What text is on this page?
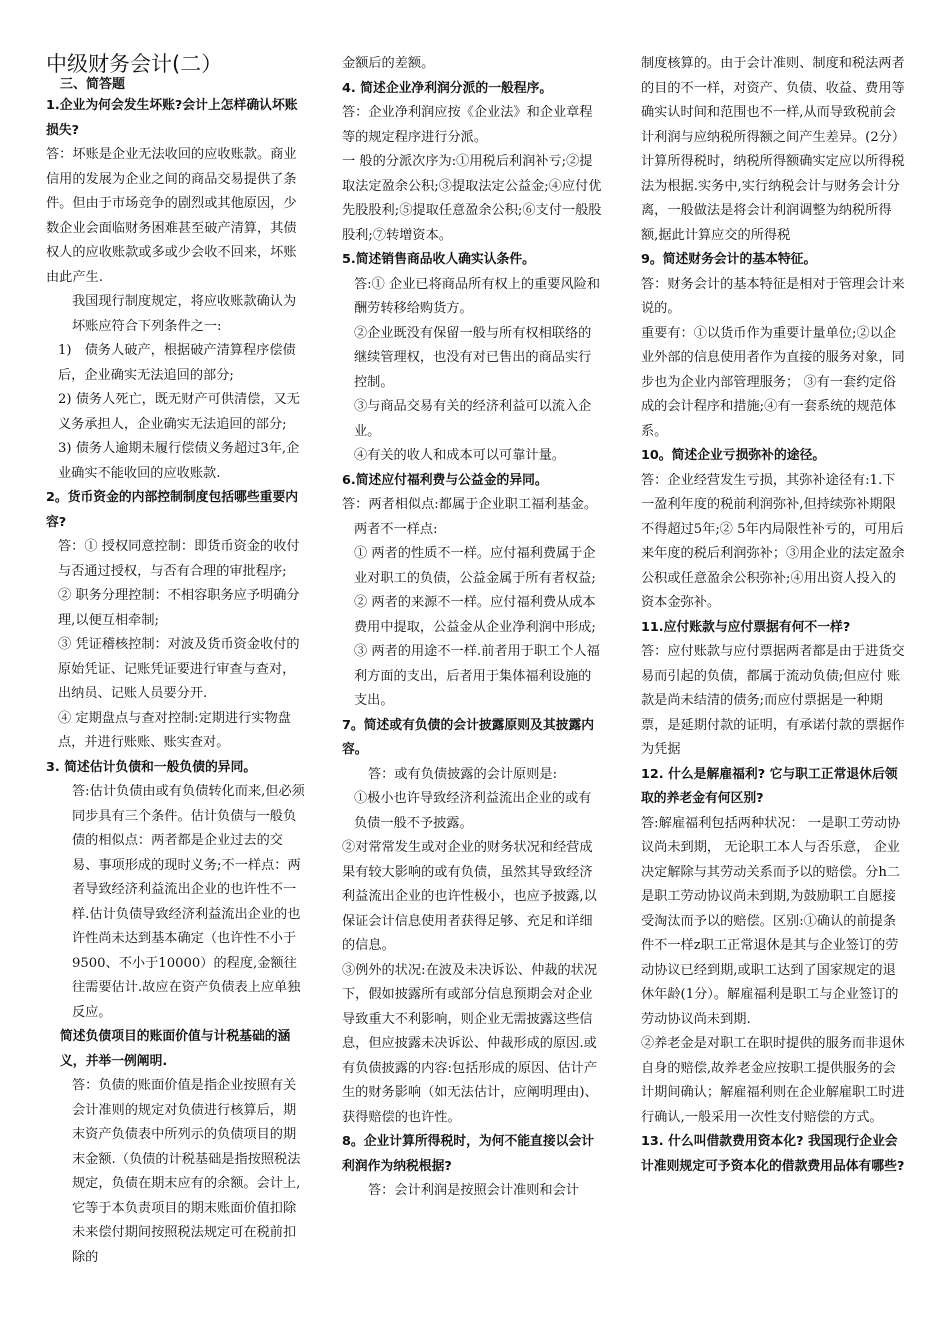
中级财务会计(二）
三、简答题
1.企业为何会发生坏账?会计上怎样确认坏账损失?

答：坏账是企业无法收回的应收账款。商业信用的发展为企业之间的商品交易提供了条件。但由于市场竞争的剧烈或其他原因，少数企业会面临财务困难甚至破产清算，其债权人的应收账款或多或少会收不回来，坏账由此产生.

我国现行制度规定，将应收账款确认为坏账应符合下列条件之一:

1)　债务人破产，根据破产清算程序偿债后，企业确实无法追回的部分;

2) 债务人死亡，既无财产可供清偿，又无义务承担人，企业确实无法追回的部分;

3) 债务人逾期未履行偿债义务超过3年,企业确实不能收回的应收账款.

2。货币资金的内部控制制度包括哪些重要内容?

答：① 授权同意控制：即货币资金的收付与否通过授权，与否有合理的审批程序;

② 职务分理控制：不相容职务应予明确分理,以便互相牵制;

③ 凭证稽核控制：对波及货币资金收付的原始凭证、记账凭证要进行审查与查对，出纳员、记账人员要分开.

④ 定期盘点与查对控制:定期进行实物盘点，并进行账账、账实查对。

3. 简述估计负债和一般负债的异同。

答:估计负债由或有负债转化而来,但必须同步具有三个条件。估计负债与一般负债的相似点：两者都是企业过去的交易、事项形成的现时义务;不一样点：两者导致经济利益流出企业的也许性不一样.估计负债导致经济利益流出企业的也许性尚未达到基本确定（也许性不小于9500、不小于10000）的程度,金额往往需要估计.故应在资产负债表上应单独反应。

简述负债项目的账面价值与计税基础的涵义，并举一例阐明.

答：负债的账面价值是指企业按照有关会计准则的规定对负债进行核算后，期末资产负债表中所列示的负债项目的期末金额.（负债的计税基础是指按照税法规定，负债在期末应有的余额。会计上,它等于本负责项目的期末账面价值扣除未来偿付期间按照税法规定可在税前扣除的

金额后的差额。

4. 简述企业净利润分派的一般程序。

答：企业净利润应按《企业法》和企业章程等的规定程序进行分派。

一 般的分派次序为:①用税后利润补亏;②提取法定盈余公积;③提取法定公益金;④应付优先股股利;⑤提取任意盈余公积;⑥支付一般股股利;⑦转增资本。

5.简述销售商品收人确实认条件。

答:① 企业已将商品所有权上的重要风险和酬劳转移给购货方。

②企业既没有保留一般与所有权相联络的继续管理权，也没有对已售出的商品实行控制。

③与商品交易有关的经济利益可以流入企业。

④有关的收人和成本可以可靠计量。

6.简述应付福利费与公益金的异同。

答：两者相似点:都属于企业职工福利基金。

两者不一样点:

① 两者的性质不一样。应付福利费属于企业对职工的负债，公益金属于所有者权益;

② 两者的来源不一样。应付福利费从成本费用中提取，公益金从企业净利润中形成;

③ 两者的用途不一样.前者用于职工个人福利方面的支出，后者用于集体福利设施的支出。

7。简述或有负债的会计披露原则及其披露内容。

答：或有负债披露的会计原则是:

①极小也许导致经济利益流出企业的或有负债一般不予披露。

②对常常发生或对企业的财务状况和经营成果有较大影响的或有负债，虽然其导致经济利益流出企业的也许性极小，也应予披露,以保证会计信息使用者获得足够、充足和详细的信息。

③例外的状况:在波及未决诉讼、仲裁的状况下，假如披露所有或部分信息预期会对企业导致重大不利影响，则企业无需披露这些信息，但应披露未决诉讼、仲裁形成的原因.或有负债披露的内容:包括形成的原因、估计产生的财务影响（如无法估计，应阐明理由)、获得赔偿的也许性。

8。企业计算所得税时，为何不能直接以会计利润作为纳税根据?

答：会计利润是按照会计准则和会计

制度核算的。由于会计准则、制度和税法两者的目的不一样，对资产、负债、收益、费用等确实认时间和范围也不一样,从而导致税前会计利润与应纳税所得额之间产生差异。(2分）计算所得税时，纳税所得额确实定应以所得税法为根据.实务中,实行纳税会计与财务会计分离，一般做法是将会计利润调整为纳税所得额,据此计算应交的所得税

9。简述财务会计的基本特征。

答：财务会计的基本特征是相对于管理会计来说的。

重要有：①以货币作为重要计量单位;②以企业外部的信息使用者作为直接的服务对象，同步也为企业内部管理服务； ③有一套约定俗成的会计程序和措施;④有一套系统的规范体系。

10。简述企业亏损弥补的途径。

答：企业经营发生亏损，其弥补途径有:1.下一盈利年度的税前利润弥补,但持续弥补期限不得超过5年;② 5年内局限性补亏的，可用后来年度的税后利润弥补；③用企业的法定盈余公积或任意盈余公积弥补;④用出资人投入的资本金弥补。

11.应付账款与应付票据有何不一样?

答：应付账款与应付票据两者都是由于进货交易而引起的负债，都属于流动负债;但应付 账款是尚未结清的债务;而应付票据是一种期票，是延期付款的证明，有承诺付款的票据作为凭据

12. 什么是解雇福利? 它与职工正常退休后领取的养老金有何区别?

答:解雇福利包括两种状况： 一是职工劳动协议尚未到期， 无论职工本人与否乐意， 企业决定解除与其劳动关系而予以的赔偿。分h二是职工劳动协议尚未到期,为鼓励职工自愿接受淘汰而予以的赔偿。区别:①确认的前提条件不一样z职工正常退休是其与企业签订的劳动协议已经到期,或职工达到了国家规定的退休年龄(1分）。解雇福利是职工与企业签订的劳动协议尚未到期.

②养老金是对职工在职时提供的服务而非退休自身的赔偿,故养老金应按职工提供服务的会计期间确认；解雇福利则在企业解雇职工时进行确认,一般采用一次性支付赔偿的方式。

13. 什么叫借款费用资本化? 我国现行企业会计准则规定可予资本化的借款费用品体有哪些?
